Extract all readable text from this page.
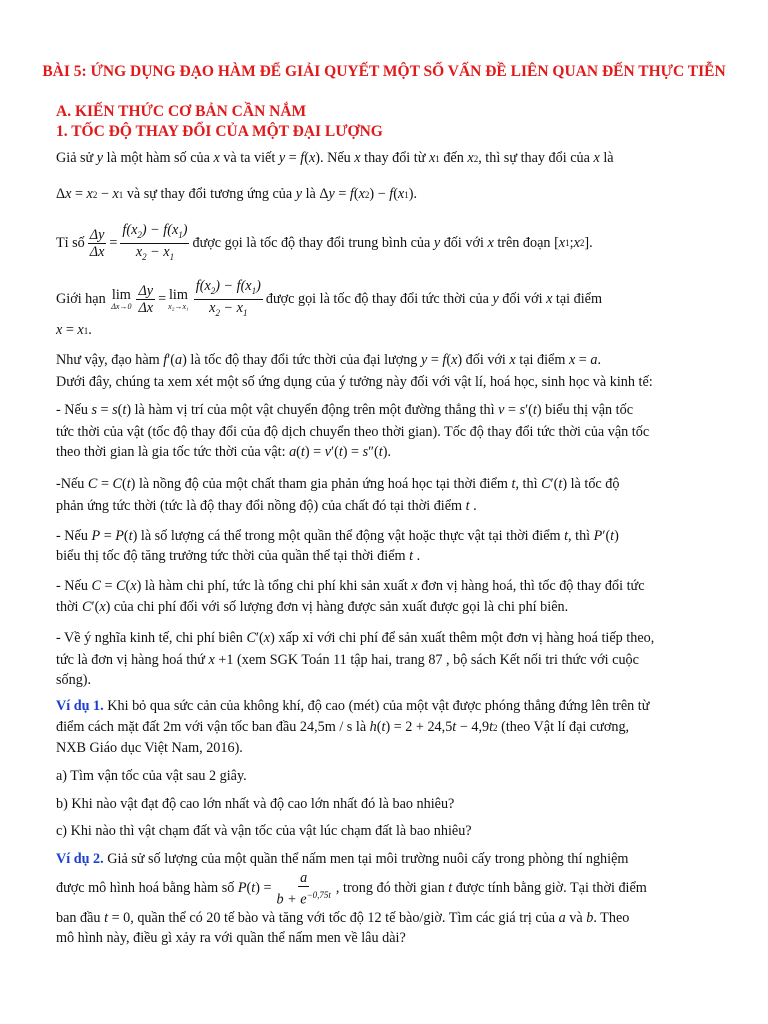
BÀI 5: ỨNG DỤNG ĐẠO HÀM ĐỂ GIẢI QUYẾT MỘT SỐ VẤN ĐỀ LIÊN QUAN ĐẾN THỰC TIỄN
A. KIẾN THỨC CƠ BẢN CẦN NẮM
1. TỐC ĐỘ THAY ĐỔI CỦA MỘT ĐẠI LƯỢNG
Giả sử
y
là một hàm số của
x
và ta viết
y = f ( x ) . Nếu
x
thay đổi từ
x 1
đến
x 2 , thì sự thay đổi của
x
là
Δ x = x 2 − x 1
và sự thay đổi tương ứng của
y
là Δ y = f ( x 2 ) − f ( x 1 ).
Tỉ số $\frac{\Delta y}{\Delta x} = \frac{f(x_2) - f(x_1)}{x_2 - x_1}$ được gọi là tốc độ thay đổi trung bình của
y
đối với
x
trên đoạn [ x 1 ; x 2 ].
Giới hạn
lim
$\Delta x\to 0 \frac{\Delta y}{\Delta x} = \lim$
$x_2\to x_1 \frac{f(x_2) - f(x_1)}{x_2 - x_1}$ được gọi là tốc độ thay đổi tức thời của
y
đối với
x
tại điểm
x = x 1 .
Như vậy, đạo hàm
f ′( a ) là tốc độ thay đổi tức thời của đại lượng
y = f ( x ) đối với
x
tại điểm
x = a .
Dưới đây, chúng ta xem xét một số ứng dụng của ý tưởng này đối với vật lí, hoá học, sinh học và kinh tế:
- Nếu
s = s ( t ) là hàm vị trí của một vật chuyển động trên một đường thẳng thì
v = s ′( t ) biểu thị vận tốc
tức thời của vật (tốc độ thay đổi của độ dịch chuyển theo thời gian). Tốc độ thay đổi tức thời của vận tốc
theo thời gian là gia tốc tức thời của vật:
a ( t ) = v ′( t ) = s ″( t ).
-Nếu
C = C ( t ) là nồng độ của một chất tham gia phản ứng hoá học tại thời điểm
t , thì
C ′( t ) là tốc độ
phản ứng tức thời (tức là độ thay đổi nồng độ) của chất đó tại thời điểm
t .
- Nếu
P = P ( t ) là số lượng cá thể trong một quần thể động vật hoặc thực vật tại thời điểm
t , thì
P ′( t )
biểu thị tốc độ tăng trưởng tức thời của quần thể tại thời điểm
t .
- Nếu
C = C ( x ) là hàm chi phí, tức là tổng chi phí khi sản xuất
x
đơn vị hàng hoá, thì tốc độ thay đổi tức
thời
C ′( x ) của chi phí đối với số lượng đơn vị hàng được sản xuất được gọi là chi phí biên.
- Về ý nghĩa kinh tế, chi phí biên
C ′( x ) xấp xỉ với chi phí để sản xuất thêm một đơn vị hàng hoá tiếp theo,
tức là đơn vị hàng hoá thứ
x +1 (xem SGK Toán 11 tập hai, trang 87 , bộ sách Kết nối tri thức với cuộc
sống).
Ví dụ 1.
Khi bỏ qua sức cản của không khí, độ cao (mét) của một vật được phóng thẳng đứng lên trên từ
điểm cách mặt đất 2m với vận tốc ban đầu 24,5m / s là
h ( t ) = 2 + 24,5 t − 4,9 t 2
(theo Vật lí đại cương,
NXB Giáo dục Việt Nam, 2016).
a) Tìm vận tốc của vật sau 2 giây.
b) Khi nào vật đạt độ cao lớn nhất và độ cao lớn nhất đó là bao nhiêu?
c) Khi nào thì vật chạm đất và vận tốc của vật lúc chạm đất là bao nhiêu?
Ví dụ 2.
Giả sử số lượng của một quần thể nấm men tại môi trường nuôi cấy trong phòng thí nghiệm
được mô hình hoá bằng hàm số
P ( t ) = $\frac{a}{b + e^{-0,75t}}$ , trong đó thời gian
t
được tính bằng giờ. Tại thời điểm
ban đầu
t = 0 , quần thể có 20 tế bào và tăng với tốc độ 12 tế bào/giờ. Tìm các giá trị của
a
và
b . Theo
mô hình này, điều gì xảy ra với quần thể nấm men về lâu dài?
